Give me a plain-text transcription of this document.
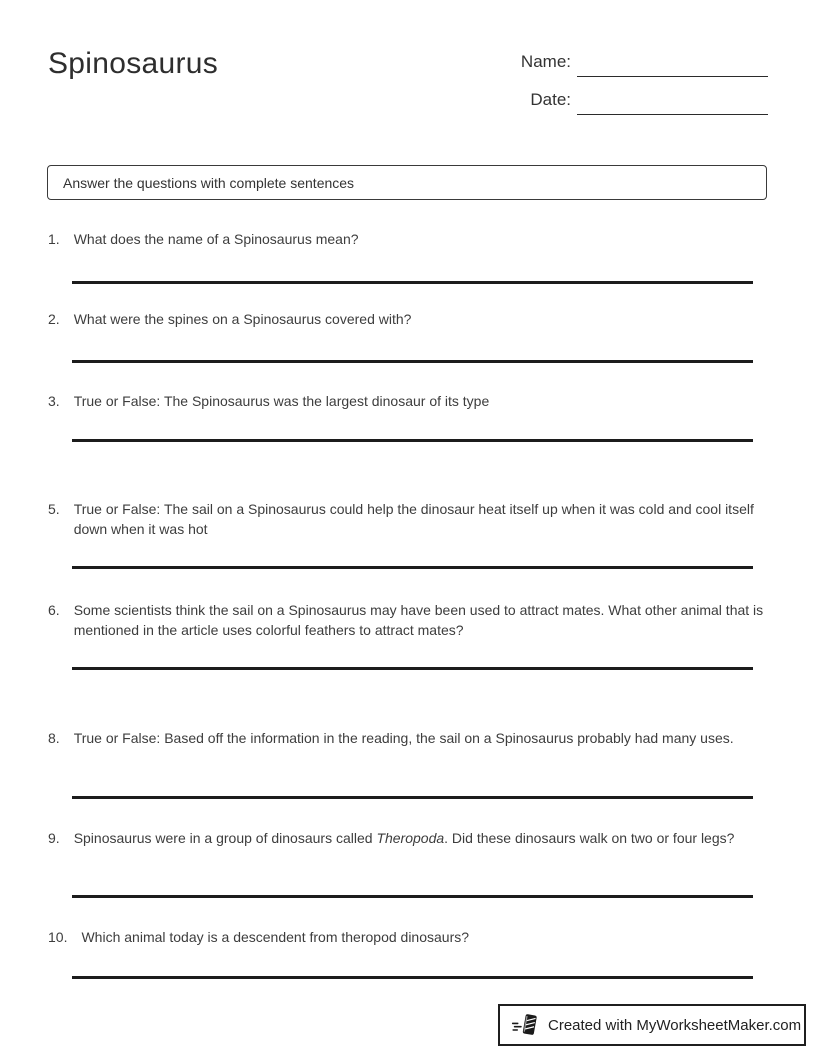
Spinosaurus	Name:
Date:
Answer the questions with complete sentences
1. What does the name of a Spinosaurus mean?
2. What were the spines on a Spinosaurus covered with?
3. True or False: The Spinosaurus was the largest dinosaur of its type
5. True or False: The sail on a Spinosaurus could help the dinosaur heat itself up when it was cold and cool itself down when it was hot
6. Some scientists think the sail on a Spinosaurus may have been used to attract mates. What other animal that is mentioned in the article uses colorful feathers to attract mates?
8. True or False: Based off the information in the reading, the sail on a Spinosaurus probably had many uses.
9. Spinosaurus were in a group of dinosaurs called Theropoda. Did these dinosaurs walk on two or four legs?
10. Which animal today is a descendent from theropod dinosaurs?
Created with MyWorksheetMaker.com
